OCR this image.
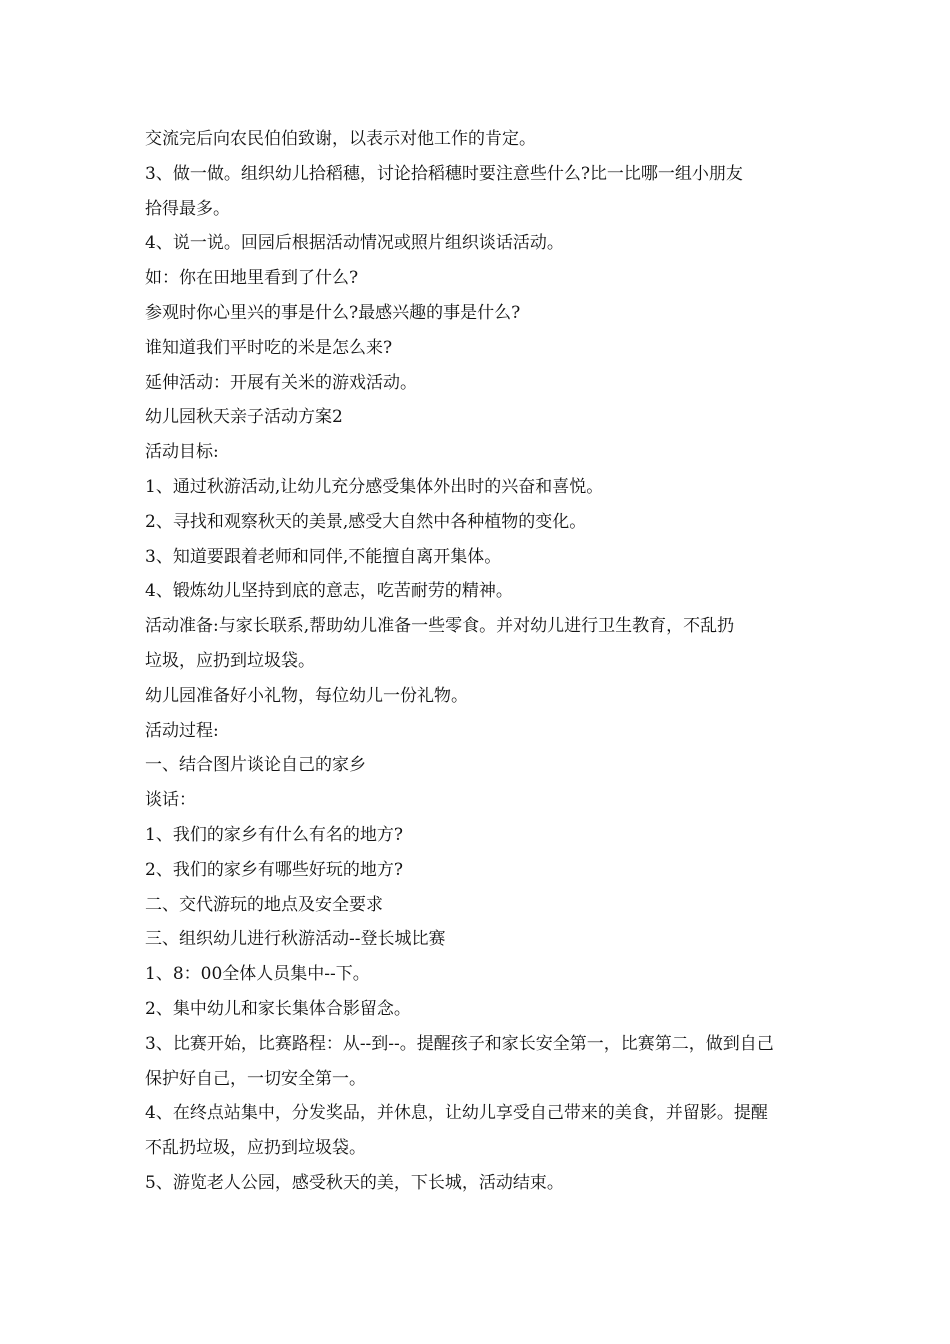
交流完后向农民伯伯致谢，以表示对他工作的肯定。
3、做一做。组织幼儿拾稻穗，讨论拾稻穗时要注意些什么?比一比哪一组小朋友
拾得最多。
4、说一说。回园后根据活动情况或照片组织谈话活动。
如：你在田地里看到了什么?
参观时你心里兴的事是什么?最感兴趣的事是什么?
谁知道我们平时吃的米是怎么来?
延伸活动：开展有关米的游戏活动。
幼儿园秋天亲子活动方案2
活动目标:
1、通过秋游活动,让幼儿充分感受集体外出时的兴奋和喜悦。
2、寻找和观察秋天的美景,感受大自然中各种植物的变化。
3、知道要跟着老师和同伴,不能擅自离开集体。
4、锻炼幼儿坚持到底的意志，吃苦耐劳的精神。
活动准备:与家长联系,帮助幼儿准备一些零食。并对幼儿进行卫生教育，不乱扔
垃圾，应扔到垃圾袋。
幼儿园准备好小礼物，每位幼儿一份礼物。
活动过程:
一、结合图片谈论自己的家乡
谈话：
1、我们的家乡有什么有名的地方?
2、我们的家乡有哪些好玩的地方?
二、交代游玩的地点及安全要求
三、组织幼儿进行秋游活动--登长城比赛
1、8：00全体人员集中--下。
2、集中幼儿和家长集体合影留念。
3、比赛开始，比赛路程：从--到--。提醒孩子和家长安全第一，比赛第二，做到自己
保护好自己，一切安全第一。
4、在终点站集中，分发奖品，并休息，让幼儿享受自己带来的美食，并留影。提醒
不乱扔垃圾，应扔到垃圾袋。
5、游览老人公园，感受秋天的美，下长城，活动结束。
